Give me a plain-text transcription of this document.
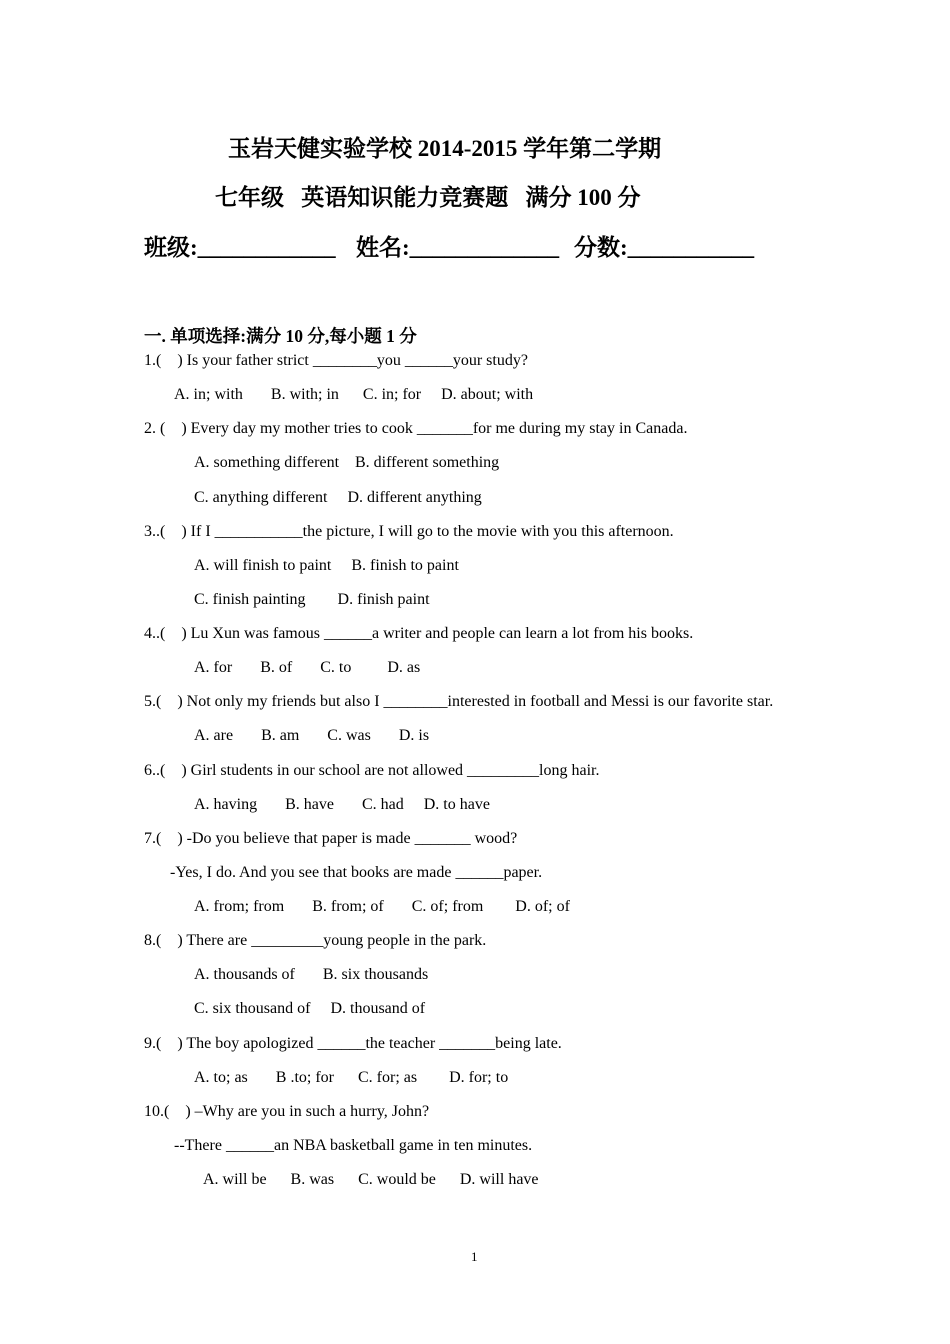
玉岩天健实验学校 2014-2015 学年第二学期
七年级   英语知识能力竞赛题   满分 100 分
班级:____________ 姓名:_____________ 分数:___________
一. 单项选择:满分 10 分,每小题 1 分
1.(    ) Is your father strict ________you ______your study?
A. in; with       B. with; in      C. in; for     D. about; with
2. (    ) Every day my mother tries to cook _______for me during my stay in Canada.
A. something different    B. different something
C. anything different     D. different anything
3..(    ) If I ___________the picture, I will go to the movie with you this afternoon.
A. will finish to paint     B. finish to paint
C. finish painting        D. finish paint
4..(    ) Lu Xun was famous ______a writer and people can learn a lot from his books.
A. for       B. of       C. to         D. as
5.(    ) Not only my friends but also I ________interested in football and Messi is our favorite star.
A. are       B. am       C. was       D. is
6..(    ) Girl students in our school are not allowed _________long hair.
A. having       B. have       C. had     D. to have
7.(    ) -Do you believe that paper is made _______ wood?
-Yes, I do. And you see that books are made ______paper.
A. from; from       B. from; of       C. of; from        D. of; of
8.(    ) There are _________young people in the park.
A. thousands of       B. six thousands
C. six thousand of     D. thousand of
9.(    ) The boy apologized ______the teacher _______being late.
A. to; as       B .to; for      C. for; as        D. for; to
10.(    ) –Why are you in such a hurry, John?
--There ______an NBA basketball game in ten minutes.
A. will be      B. was      C. would be      D. will have
1
